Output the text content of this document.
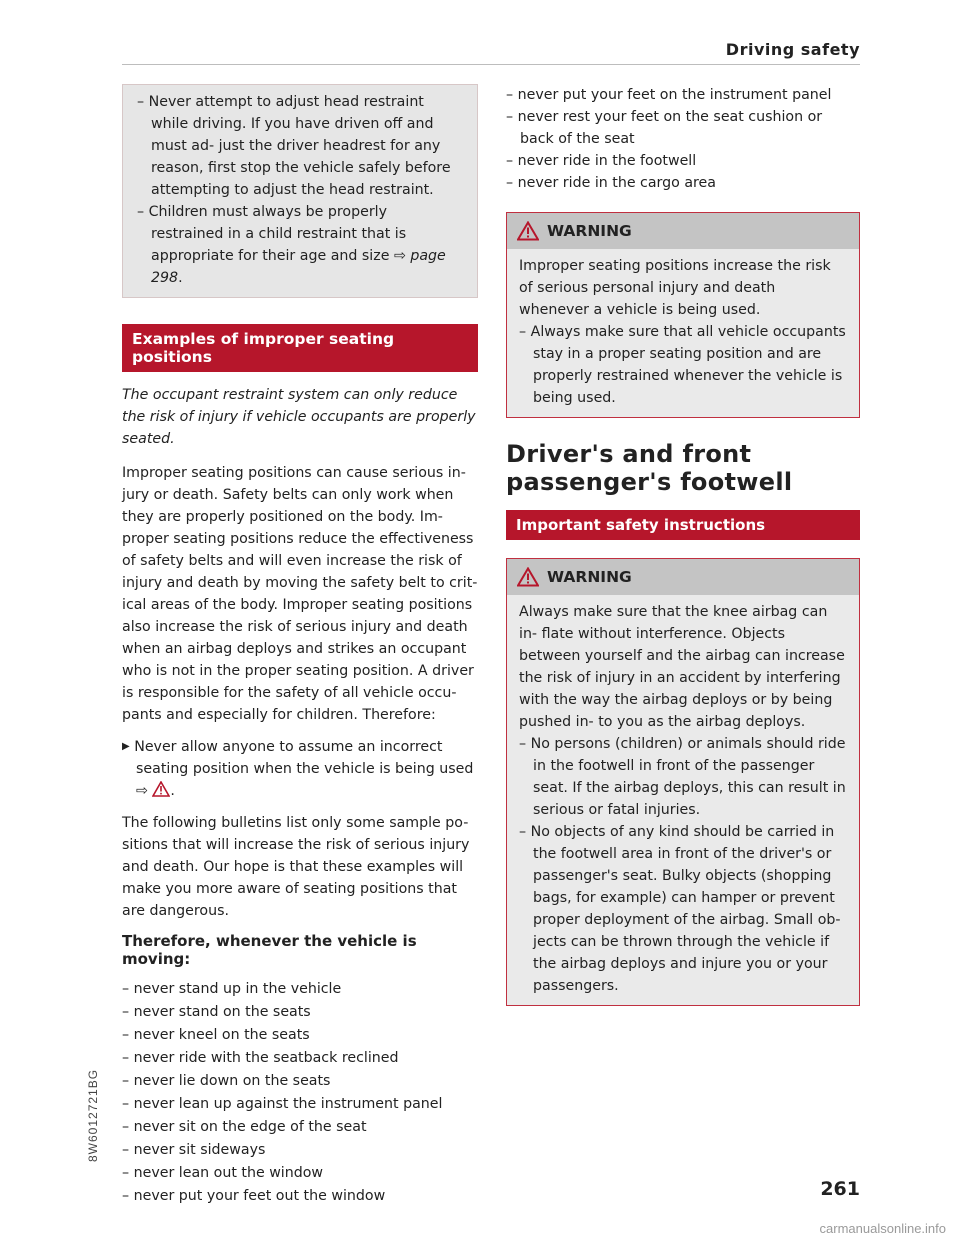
Driving safety
– Never attempt to adjust head restraint while driving. If you have driven off and must ad- just the driver headrest for any reason, first stop the vehicle safely before attempting to adjust the head restraint.
– Children must always be properly restrained in a child restraint that is appropriate for their age and size ⇨ page 298.
Examples of improper seating positions

The occupant restraint system can only reduce the risk of injury if vehicle occupants are properly seated.

Improper seating positions can cause serious in- jury or death. Safety belts can only work when they are properly positioned on the body. Im- proper seating positions reduce the effectiveness of safety belts and will even increase the risk of injury and death by moving the safety belt to crit- ical areas of the body. Improper seating positions also increase the risk of serious injury and death when an airbag deploys and strikes an occupant who is not in the proper seating position. A driver is responsible for the safety of all vehicle occu- pants and especially for children. Therefore:

▶ Never allow anyone to assume an incorrect seating position when the vehicle is being used
⇨ .

The following bulletins list only some sample po- sitions that will increase the risk of serious injury and death. Our hope is that these examples will make you more aware of seating positions that are dangerous.

Therefore, whenever the vehicle is moving:
– never stand up in the vehicle
– never stand on the seats
– never kneel on the seats
– never ride with the seatback reclined
– never lie down on the seats
– never lean up against the instrument panel
– never sit on the edge of the seat
– never sit sideways
– never lean out the window
– never put your feet out the window
– never put your feet on the instrument panel
– never rest your feet on the seat cushion or back of the seat
– never ride in the footwell
– never ride in the cargo area
WARNING

Improper seating positions increase the risk of serious personal injury and death whenever a vehicle is being used.

– Always make sure that all vehicle occupants stay in a proper seating position and are properly restrained whenever the vehicle is being used.
Driver's and front passenger's footwell
Important safety instructions
WARNING

Always make sure that the knee airbag can in- flate without interference. Objects between yourself and the airbag can increase the risk of injury in an accident by interfering with the way the airbag deploys or by being pushed in- to you as the airbag deploys.

– No persons (children) or animals should ride in the footwell in front of the passenger seat. If the airbag deploys, this can result in serious or fatal injuries.
– No objects of any kind should be carried in the footwell area in front of the driver's or passenger's seat. Bulky objects (shopping bags, for example) can hamper or prevent proper deployment of the airbag. Small ob- jects can be thrown through the vehicle if the airbag deploys and injure you or your passengers.
8W6012721BG
261
carmanualsonline.info
